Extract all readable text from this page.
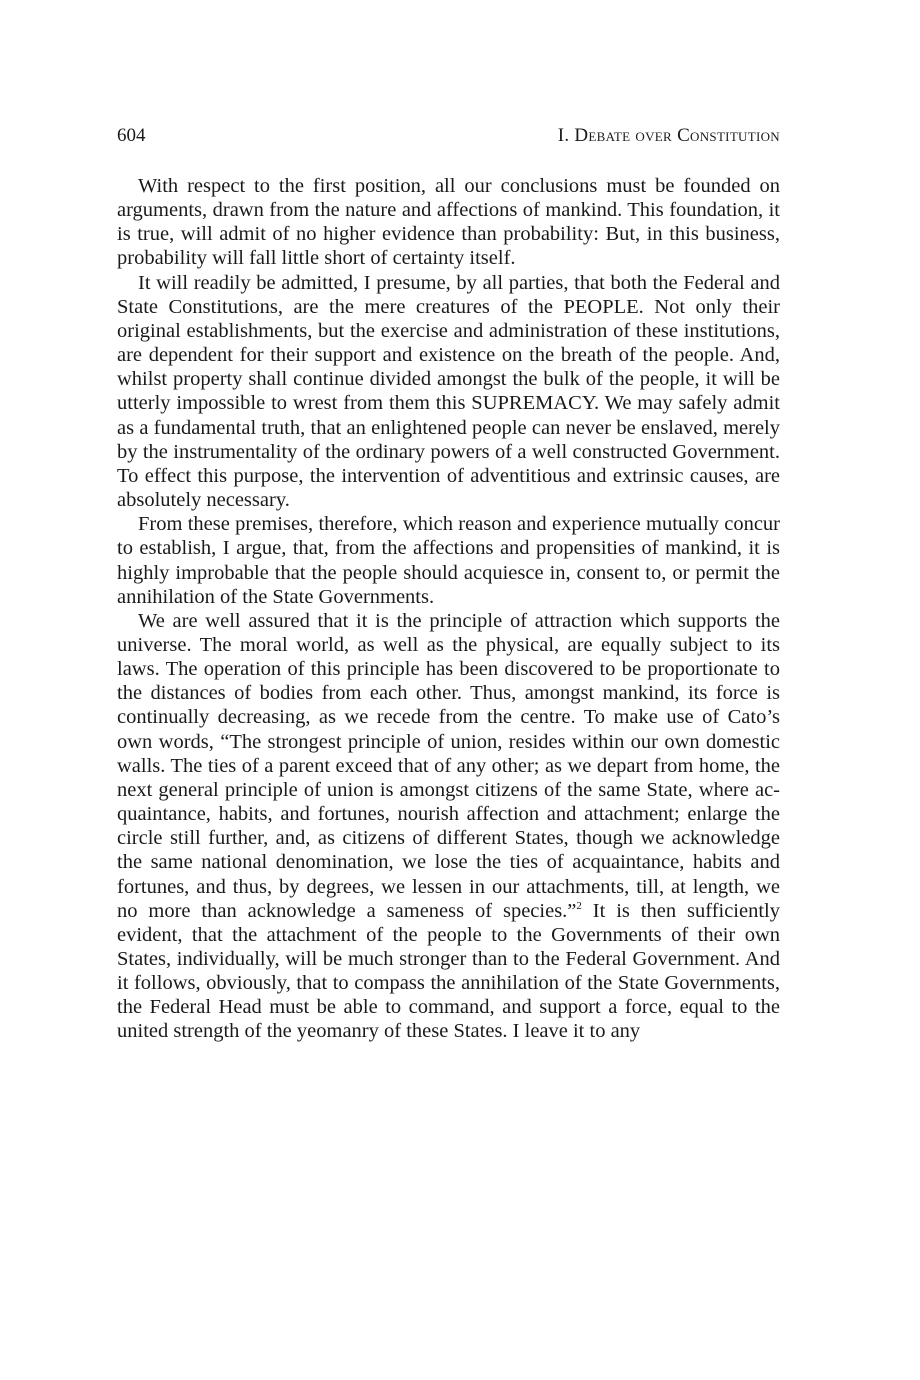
604	I. Debate over Constitution

With respect to the first position, all our conclusions must be founded on arguments, drawn from the nature and affections of mankind. This foundation, it is true, will admit of no higher evidence than probability: But, in this business, probability will fall little short of certainty itself.

It will readily be admitted, I presume, by all parties, that both the Federal and State Constitutions, are the mere creatures of the PEOPLE. Not only their original establishments, but the exercise and administration of these institutions, are dependent for their support and existence on the breath of the people. And, whilst property shall continue divided amongst the bulk of the people, it will be utterly impossible to wrest from them this SUPREMACY. We may safely admit as a fundamental truth, that an enlightened people can never be enslaved, merely by the instrumentality of the ordinary powers of a well constructed Government. To effect this purpose, the intervention of adventitious and extrinsic causes, are absolutely necessary.

From these premises, therefore, which reason and experience mutually concur to establish, I argue, that, from the affections and propensities of mankind, it is highly improbable that the people should acquiesce in, consent to, or permit the annihilation of the State Governments.

We are well assured that it is the principle of attraction which supports the universe. The moral world, as well as the physical, are equally subject to its laws. The operation of this principle has been discovered to be proportionate to the distances of bodies from each other. Thus, amongst mankind, its force is continually decreasing, as we recede from the centre. To make use of Cato’s own words, “The strongest principle of union, resides within our own domestic walls. The ties of a parent exceed that of any other; as we depart from home, the next general principle of union is amongst citizens of the same State, where acquaintance, habits, and fortunes, nourish affection and attachment; enlarge the circle still further, and, as citizens of different States, though we acknowledge the same national denomination, we lose the ties of acquaintance, habits and fortunes, and thus, by degrees, we lessen in our attachments, till, at length, we no more than acknowledge a sameness of species.”$^2$ It is then sufficiently evident, that the attachment of the people to the Governments of their own States, individually, will be much stronger than to the Federal Government. And it follows, obviously, that to compass the annihilation of the State Governments, the Federal Head must be able to command, and support a force, equal to the united strength of the yeomanry of these States. I leave it to any
